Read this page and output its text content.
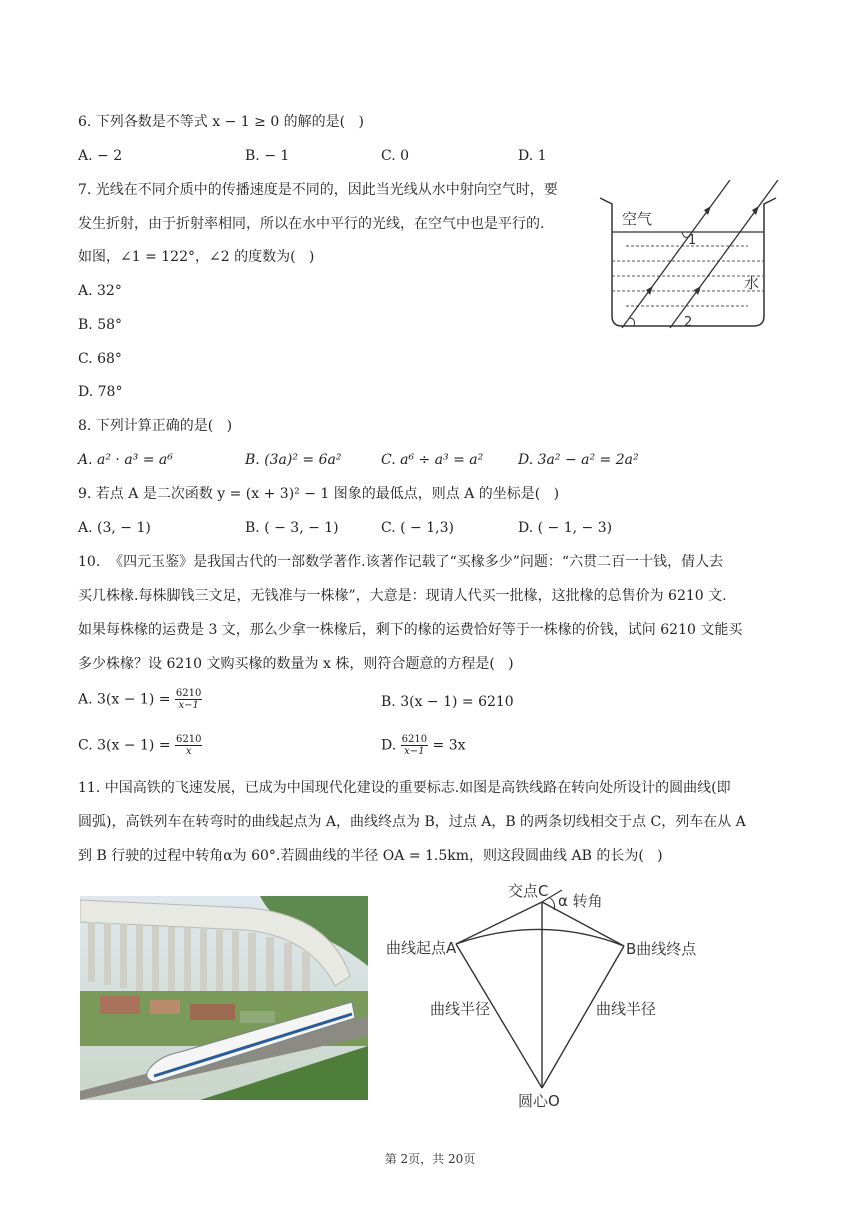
6. 下列各数是不等式 x − 1 ≥ 0 的解的是(   )
A. − 2	B. − 1	C. 0	D. 1
7. 光线在不同介质中的传播速度是不同的，因此当光线从水中射向空气时，要
发生折射，由于折射率相同，所以在水中平行的光线，在空气中也是平行的.
如图，∠1 = 122°，∠2 的度数为(   )
A. 32°
B. 58°
C. 68°
D. 78°
空气
水
1
2
8. 下列计算正确的是(   )
A. a² · a³ = a⁶	B. (3a)² = 6a²	C. a⁶ ÷ a³ = a² D. 3a² − a² = 2a²
9. 若点 A 是二次函数 y = (x + 3)² − 1 图象的最低点，则点 A 的坐标是(   )
A. (3, − 1)	B. ( − 3, − 1)	C. ( − 1,3)	D. ( − 1, − 3)
10.  《四元玉鉴》是我国古代的一部数学著作.该著作记载了“买椽多少”问题：“六贯二百一十钱，倩人去
买几株椽.每株脚钱三文足，无钱准与一株椽”，大意是：现请人代买一批椽，这批椽的总售价为 6210 文.
如果每株椽的运费是 3 文，那么少拿一株椽后，剩下的椽的运费恰好等于一株椽的价钱，试问 6210 文能买
多少株椽？设 6210 文购买椽的数量为 x 株，则符合题意的方程是(   )
A. $3(x - 1) = \frac{6210}{x-1}$	B. 3(x − 1) = 6210
C. $3(x - 1) = \frac{6210}{x}$	D. $\frac{6210}{x-1} = 3x$
11. 中国高铁的飞速发展，已成为中国现代化建设的重要标志.如图是高铁线路在转向处所设计的圆曲线(即
圆弧)，高铁列车在转弯时的曲线起点为 A，曲线终点为 B，过点 A，B 的两条切线相交于点 C，列车在从 A
到 B 行驶的过程中转角α为 60°.若圆曲线的半径 OA = 1.5km，则这段圆曲线 AB 的长为(   )
交点C
α 转角
曲线起点A	B曲线终点
曲线半径	曲线半径
圆心O
第 2页，共 20页
